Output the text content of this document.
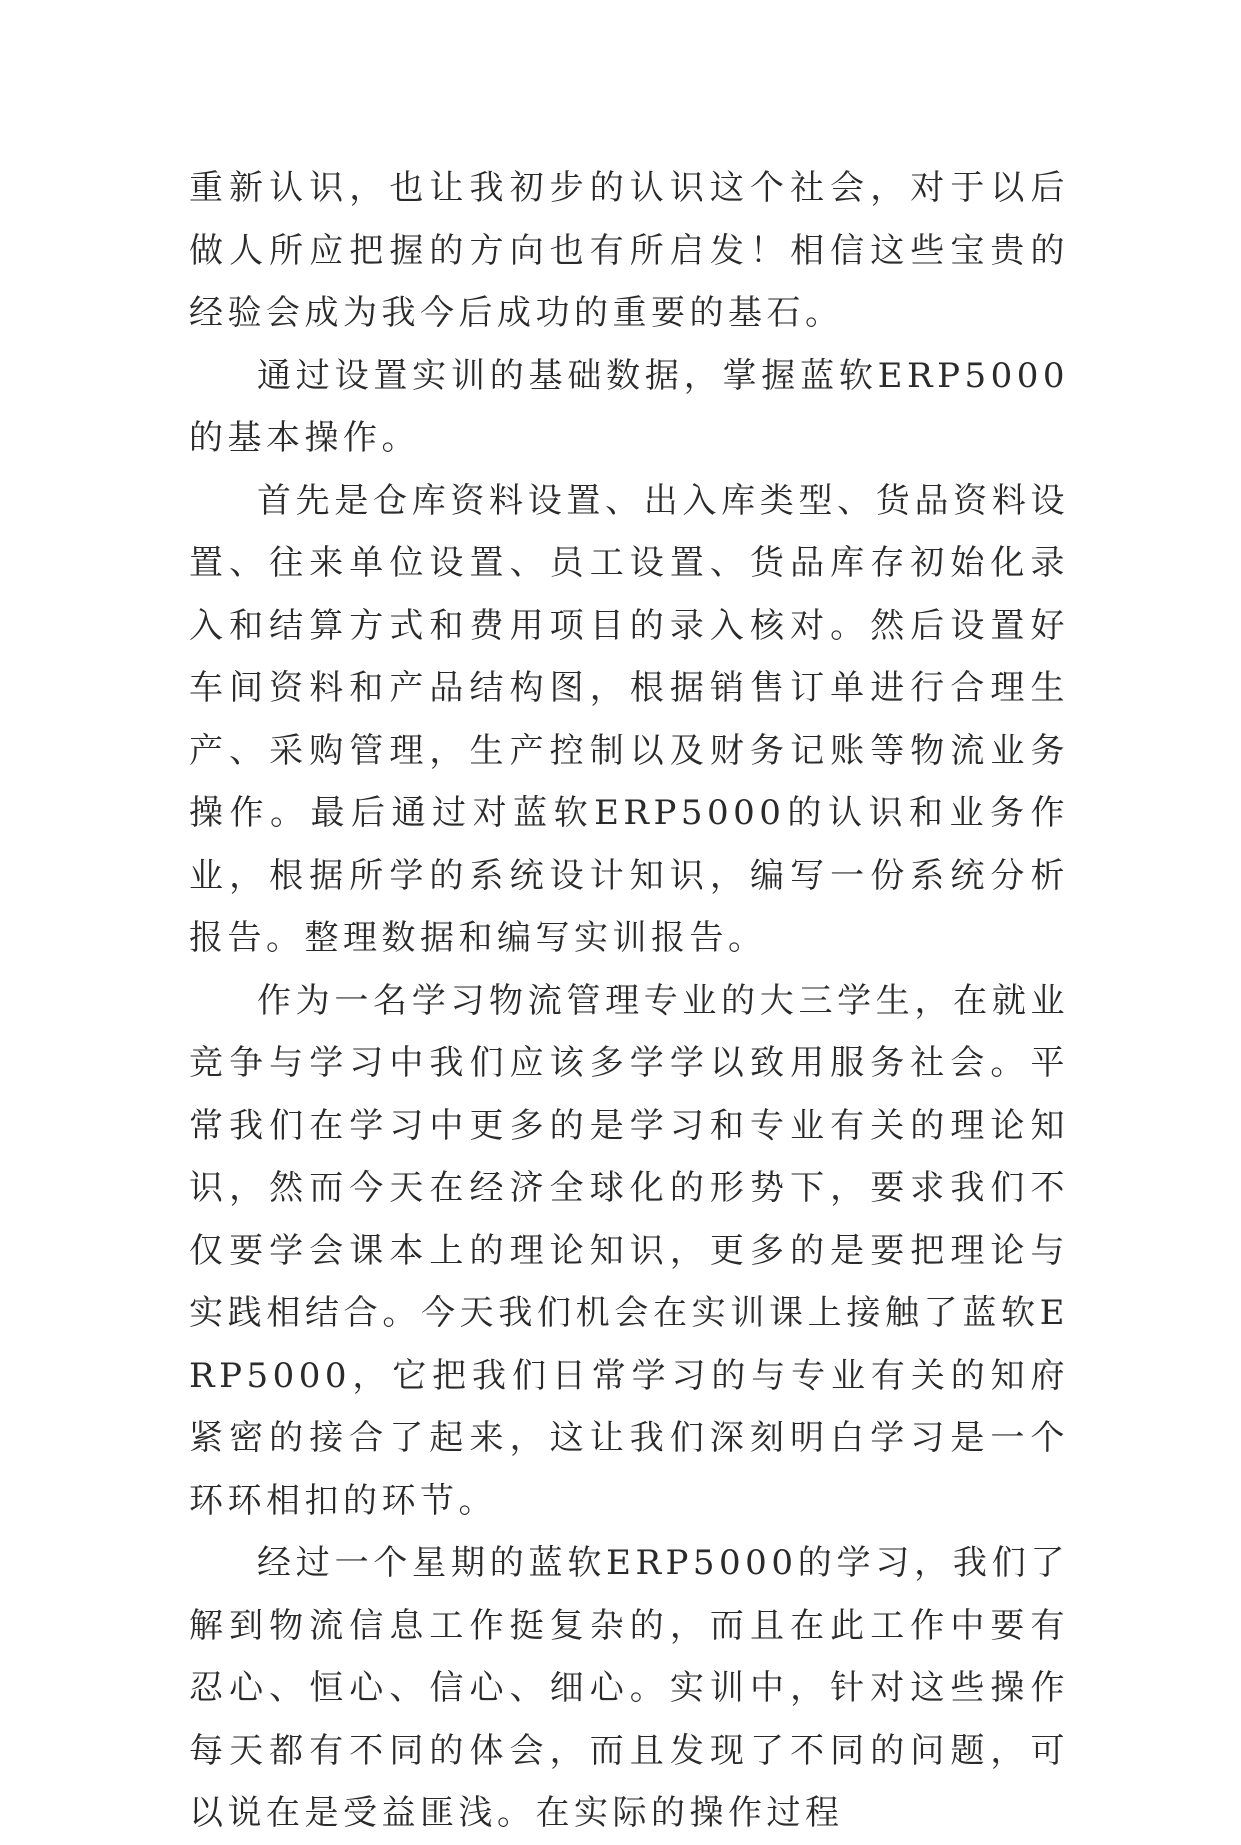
重新认识，也让我初步的认识这个社会，对于以后做人所应把握的方向也有所启发！相信这些宝贵的经验会成为我今后成功的重要的基石。

通过设置实训的基础数据，掌握蓝软ERP5000的基本操作。

首先是仓库资料设置、出入库类型、货品资料设置、往来单位设置、员工设置、货品库存初始化录入和结算方式和费用项目的录入核对。然后设置好车间资料和产品结构图，根据销售订单进行合理生产、采购管理，生产控制以及财务记账等物流业务操作。最后通过对蓝软ERP5000的认识和业务作业，根据所学的系统设计知识，编写一份系统分析报告。整理数据和编写实训报告。

作为一名学习物流管理专业的大三学生，在就业竞争与学习中我们应该多学学以致用服务社会。平常我们在学习中更多的是学习和专业有关的理论知识，然而今天在经济全球化的形势下，要求我们不仅要学会课本上的理论知识，更多的是要把理论与实践相结合。今天我们机会在实训课上接触了蓝软ERP5000，它把我们日常学习的与专业有关的知府紧密的接合了起来，这让我们深刻明白学习是一个环环相扣的环节。

经过一个星期的蓝软ERP5000的学习，我们了解到物流信息工作挺复杂的，而且在此工作中要有忍心、恒心、信心、细心。实训中，针对这些操作每天都有不同的体会，而且发现了不同的问题，可以说在是受益匪浅。在实际的操作过程
